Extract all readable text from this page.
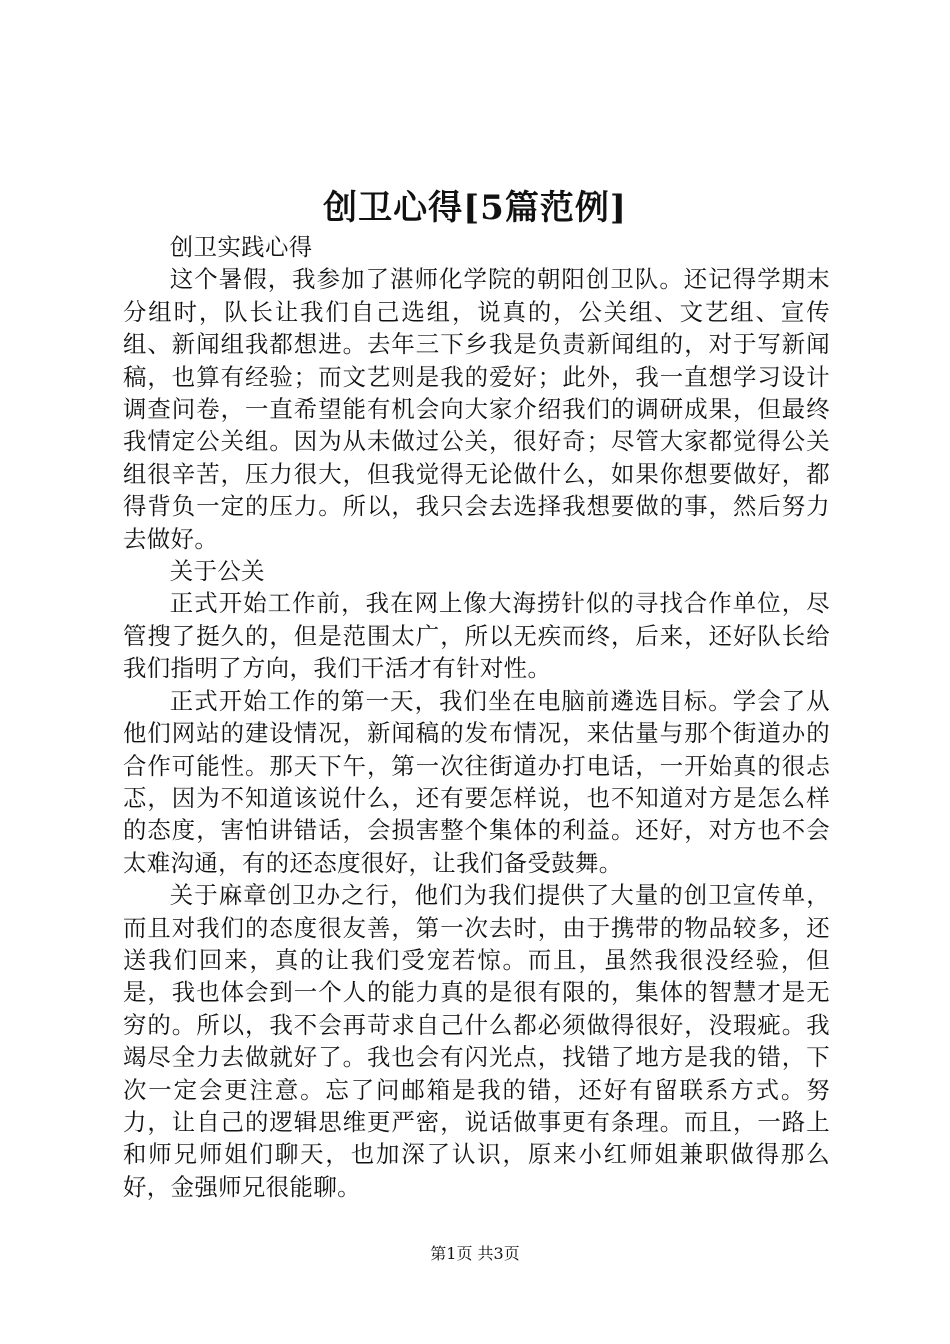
创卫心得[5篇范例]

创卫实践心得

这个暑假，我参加了湛师化学院的朝阳创卫队。还记得学期末分组时，队长让我们自己选组，说真的，公关组、文艺组、宣传组、新闻组我都想进。去年三下乡我是负责新闻组的，对于写新闻稿，也算有经验；而文艺则是我的爱好；此外，我一直想学习设计调查问卷，一直希望能有机会向大家介绍我们的调研成果，但最终我情定公关组。因为从未做过公关，很好奇；尽管大家都觉得公关组很辛苦，压力很大，但我觉得无论做什么，如果你想要做好，都得背负一定的压力。所以，我只会去选择我想要做的事，然后努力去做好。

关于公关

正式开始工作前，我在网上像大海捞针似的寻找合作单位，尽管搜了挺久的，但是范围太广，所以无疾而终，后来，还好队长给我们指明了方向，我们干活才有针对性。

正式开始工作的第一天，我们坐在电脑前遴选目标。学会了从他们网站的建设情况，新闻稿的发布情况，来估量与那个街道办的合作可能性。那天下午，第一次往街道办打电话，一开始真的很忐忑，因为不知道该说什么，还有要怎样说，也不知道对方是怎么样的态度，害怕讲错话，会损害整个集体的利益。还好，对方也不会太难沟通，有的还态度很好，让我们备受鼓舞。

关于麻章创卫办之行，他们为我们提供了大量的创卫宣传单，而且对我们的态度很友善，第一次去时，由于携带的物品较多，还送我们回来，真的让我们受宠若惊。而且，虽然我很没经验，但是，我也体会到一个人的能力真的是很有限的，集体的智慧才是无穷的。所以，我不会再苛求自己什么都必须做得很好，没瑕疵。我竭尽全力去做就好了。我也会有闪光点，找错了地方是我的错，下次一定会更注意。忘了问邮箱是我的错，还好有留联系方式。努力，让自己的逻辑思维更严密，说话做事更有条理。而且，一路上和师兄师姐们聊天，也加深了认识，原来小红师姐兼职做得那么好，金强师兄很能聊。

第1页 共3页
